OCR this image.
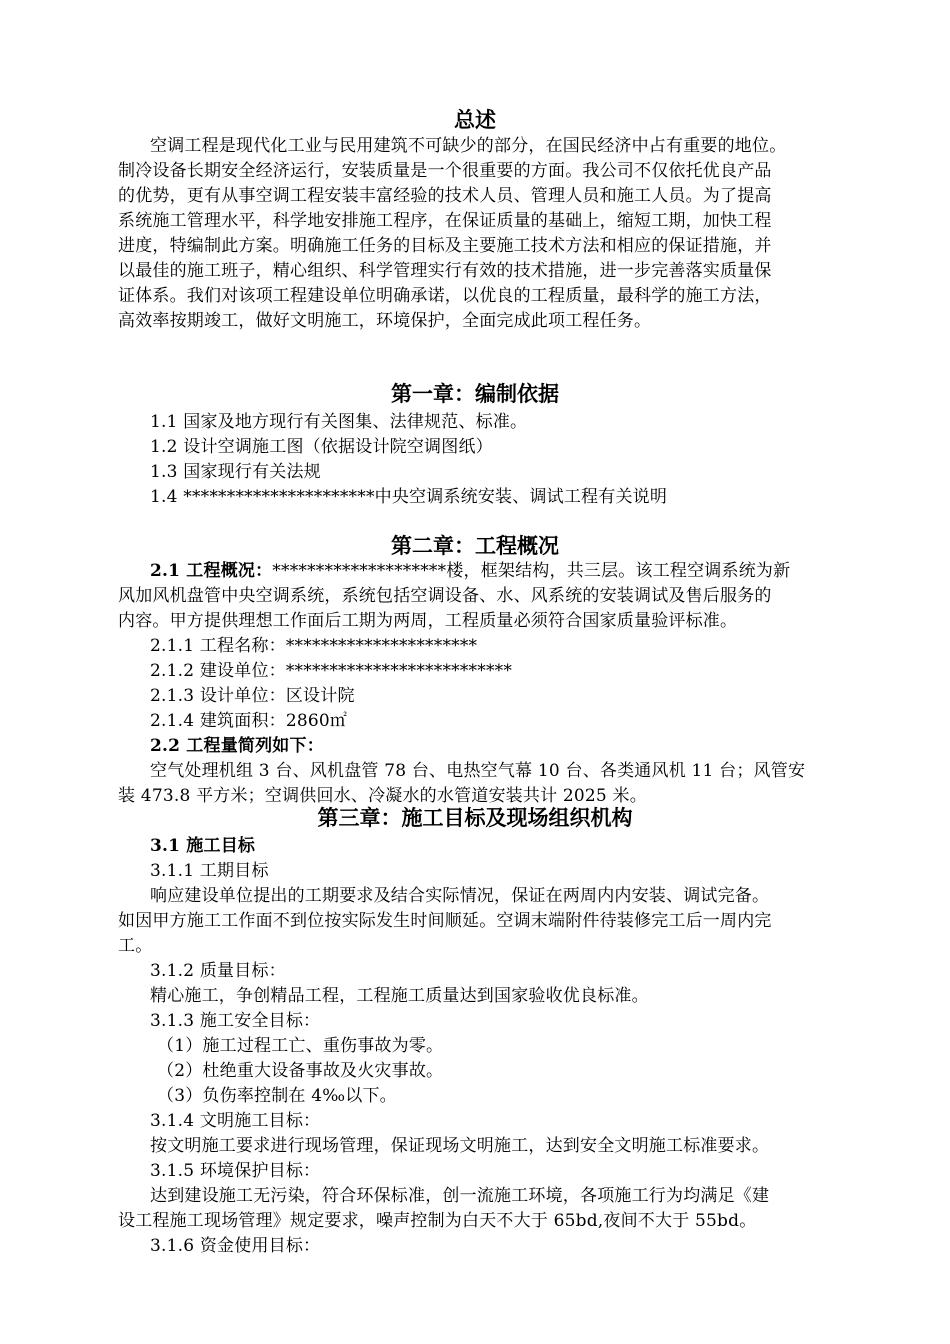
总述
空调工程是现代化工业与民用建筑不可缺少的部分，在国民经济中占有重要的地位。
制冷设备长期安全经济运行，安装质量是一个很重要的方面。我公司不仅依托优良产品
的优势，更有从事空调工程安装丰富经验的技术人员、管理人员和施工人员。为了提高
系统施工管理水平，科学地安排施工程序，在保证质量的基础上，缩短工期，加快工程
进度，特编制此方案。明确施工任务的目标及主要施工技术方法和相应的保证措施，并
以最佳的施工班子，精心组织、科学管理实行有效的技术措施，进一步完善落实质量保
证体系。我们对该项工程建设单位明确承诺，以优良的工程质量，最科学的施工方法，
高效率按期竣工，做好文明施工，环境保护，全面完成此项工程任务。
第一章：编制依据
1.1 国家及地方现行有关图集、法律规范、标准。
1.2 设计空调施工图（依据设计院空调图纸）
1.3 国家现行有关法规
1.4 **********************中央空调系统安装、调试工程有关说明
第二章：工程概况
2.1 工程概况：********************楼，框架结构，共三层。该工程空调系统为新
风加风机盘管中央空调系统，系统包括空调设备、水、风系统的安装调试及售后服务的
内容。甲方提供理想工作面后工期为两周，工程质量必须符合国家质量验评标准。
2.1.1 工程名称：**********************
2.1.2 建设单位：**************************
2.1.3 设计单位：区设计院
2.1.4 建筑面积：2860㎡
2.2 工程量简列如下：
空气处理机组 3 台、风机盘管 78 台、电热空气幕 10 台、各类通风机 11 台；风管安
装 473.8 平方米；空调供回水、冷凝水的水管道安装共计 2025 米。
第三章：施工目标及现场组织机构
3.1 施工目标
3.1.1 工期目标
响应建设单位提出的工期要求及结合实际情况，保证在两周内内安装、调试完备。
如因甲方施工工作面不到位按实际发生时间顺延。空调末端附件待装修完工后一周内完
工。
3.1.2 质量目标：
精心施工，争创精品工程，工程施工质量达到国家验收优良标准。
3.1.3 施工安全目标：
（1）施工过程工亡、重伤事故为零。
（2）杜绝重大设备事故及火灾事故。
（3）负伤率控制在 4‰以下。
3.1.4 文明施工目标：
按文明施工要求进行现场管理，保证现场文明施工，达到安全文明施工标准要求。
3.1.5 环境保护目标：
达到建设施工无污染，符合环保标准，创一流施工环境，各项施工行为均满足《建
设工程施工现场管理》规定要求，噪声控制为白天不大于 65bd,夜间不大于 55bd。
3.1.6 资金使用目标：
